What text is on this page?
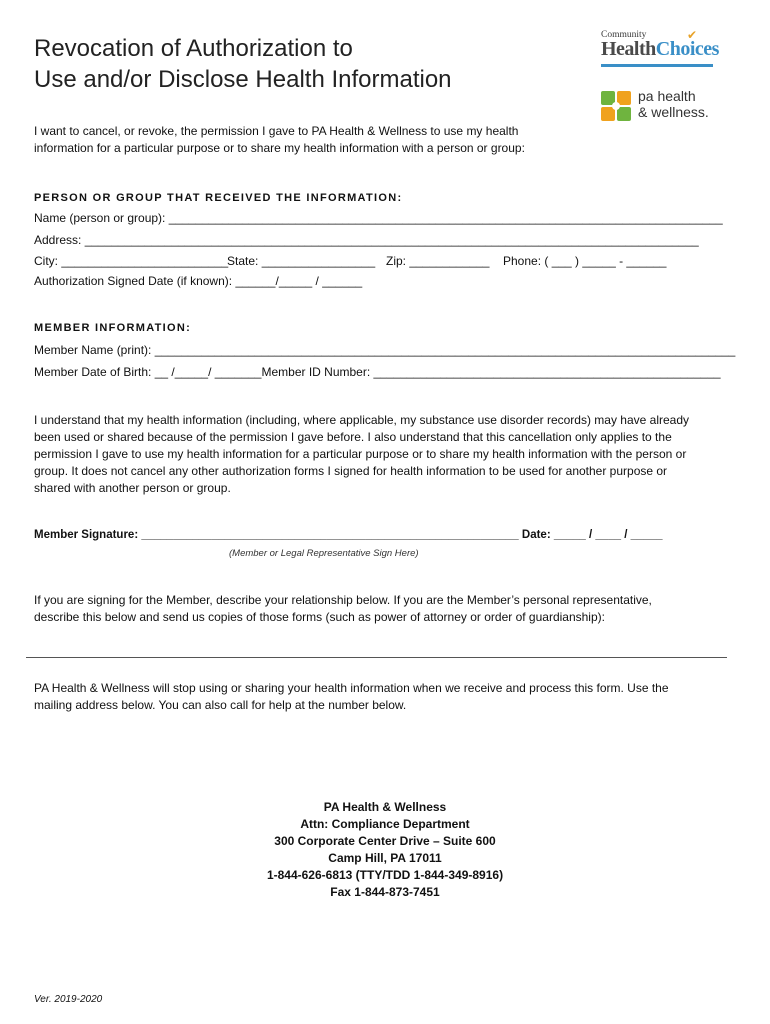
Revocation of Authorization to
Use and/or Disclose Health Information
Community	✔
HealthChoices
pa health
& wellness.
I want to cancel, or revoke, the permission I gave to PA Health & Wellness to use my health
information for a particular purpose or to share my health information with a person or group:
PERSON OR GROUP THAT RECEIVED THE INFORMATION:
Name (person or group): ___________________________________________________________________________________
Address: ____________________________________________________________________________________________
City: _________________________
State: _________________ Zip: ____________ Phone: ( ___ ) _____ - ______
Authorization Signed Date (if known): ______/_____ / ______
MEMBER INFORMATION:
Member Name (print): _______________________________________________________________________________________
Member Date of Birth: __ /_____/ _______Member ID Number: ____________________________________________________
I understand that my health information (including, where applicable, my substance use disorder records) may have already
been used or shared because of the permission I gave before. I also understand that this cancellation only applies to the
permission I gave to use my health information for a particular purpose or to share my health information with the person or
group. It does not cancel any other authorization forms I signed for health information to be used for another purpose or
shared with another person or group.
Member Signature: ___________________________________________________________ Date: _____ / ____ / _____
(Member or Legal Representative Sign Here)
If you are signing for the Member, describe your relationship below. If you are the Member’s personal representative,
describe this below and send us copies of those forms (such as power of attorney or order of guardianship):
PA Health & Wellness will stop using or sharing your health information when we receive and process this form. Use the
mailing address below. You can also call for help at the number below.
PA Health & Wellness
Attn: Compliance Department
300 Corporate Center Drive – Suite 600
Camp Hill, PA 17011
1-844-626-6813 (TTY/TDD 1-844-349-8916)
Fax 1-844-873-7451
Ver. 2019-2020
